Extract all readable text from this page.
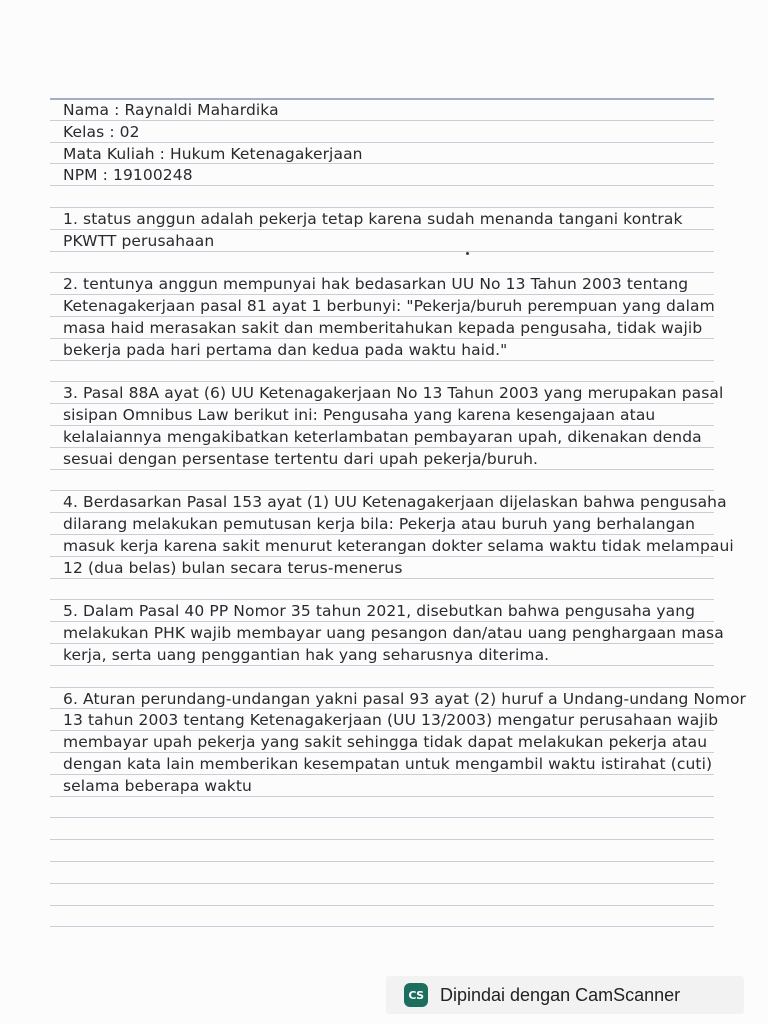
Nama : Raynaldi Mahardika
Kelas : 02
Mata Kuliah : Hukum Ketenagakerjaan
NPM : 19100248
1. status anggun adalah pekerja tetap karena sudah menanda tangani kontrak
PKWTT perusahaan
2. tentunya anggun mempunyai hak bedasarkan UU No 13 Tahun 2003 tentang
Ketenagakerjaan pasal 81 ayat 1 berbunyi: "Pekerja/buruh perempuan yang dalam
masa haid merasakan sakit dan memberitahukan kepada pengusaha, tidak wajib
bekerja pada hari pertama dan kedua pada waktu haid."
3. Pasal 88A ayat (6) UU Ketenagakerjaan No 13 Tahun 2003 yang merupakan pasal
sisipan Omnibus Law berikut ini: Pengusaha yang karena kesengajaan atau
kelalaiannya mengakibatkan keterlambatan pembayaran upah, dikenakan denda
sesuai dengan persentase tertentu dari upah pekerja/buruh.
4. Berdasarkan Pasal 153 ayat (1) UU Ketenagakerjaan dijelaskan bahwa pengusaha
dilarang melakukan pemutusan kerja bila: Pekerja atau buruh yang berhalangan
masuk kerja karena sakit menurut keterangan dokter selama waktu tidak melampaui
12 (dua belas) bulan secara terus-menerus
5. Dalam Pasal 40 PP Nomor 35 tahun 2021, disebutkan bahwa pengusaha yang
melakukan PHK wajib membayar uang pesangon dan/atau uang penghargaan masa
kerja, serta uang penggantian hak yang seharusnya diterima.
6. Aturan perundang-undangan yakni pasal 93 ayat (2) huruf a Undang-undang Nomor
13 tahun 2003 tentang Ketenagakerjaan (UU 13/2003) mengatur perusahaan wajib
membayar upah pekerja yang sakit sehingga tidak dapat melakukan pekerja atau
dengan kata lain memberikan kesempatan untuk mengambil waktu istirahat (cuti)
selama beberapa waktu
CS Dipindai dengan CamScanner
